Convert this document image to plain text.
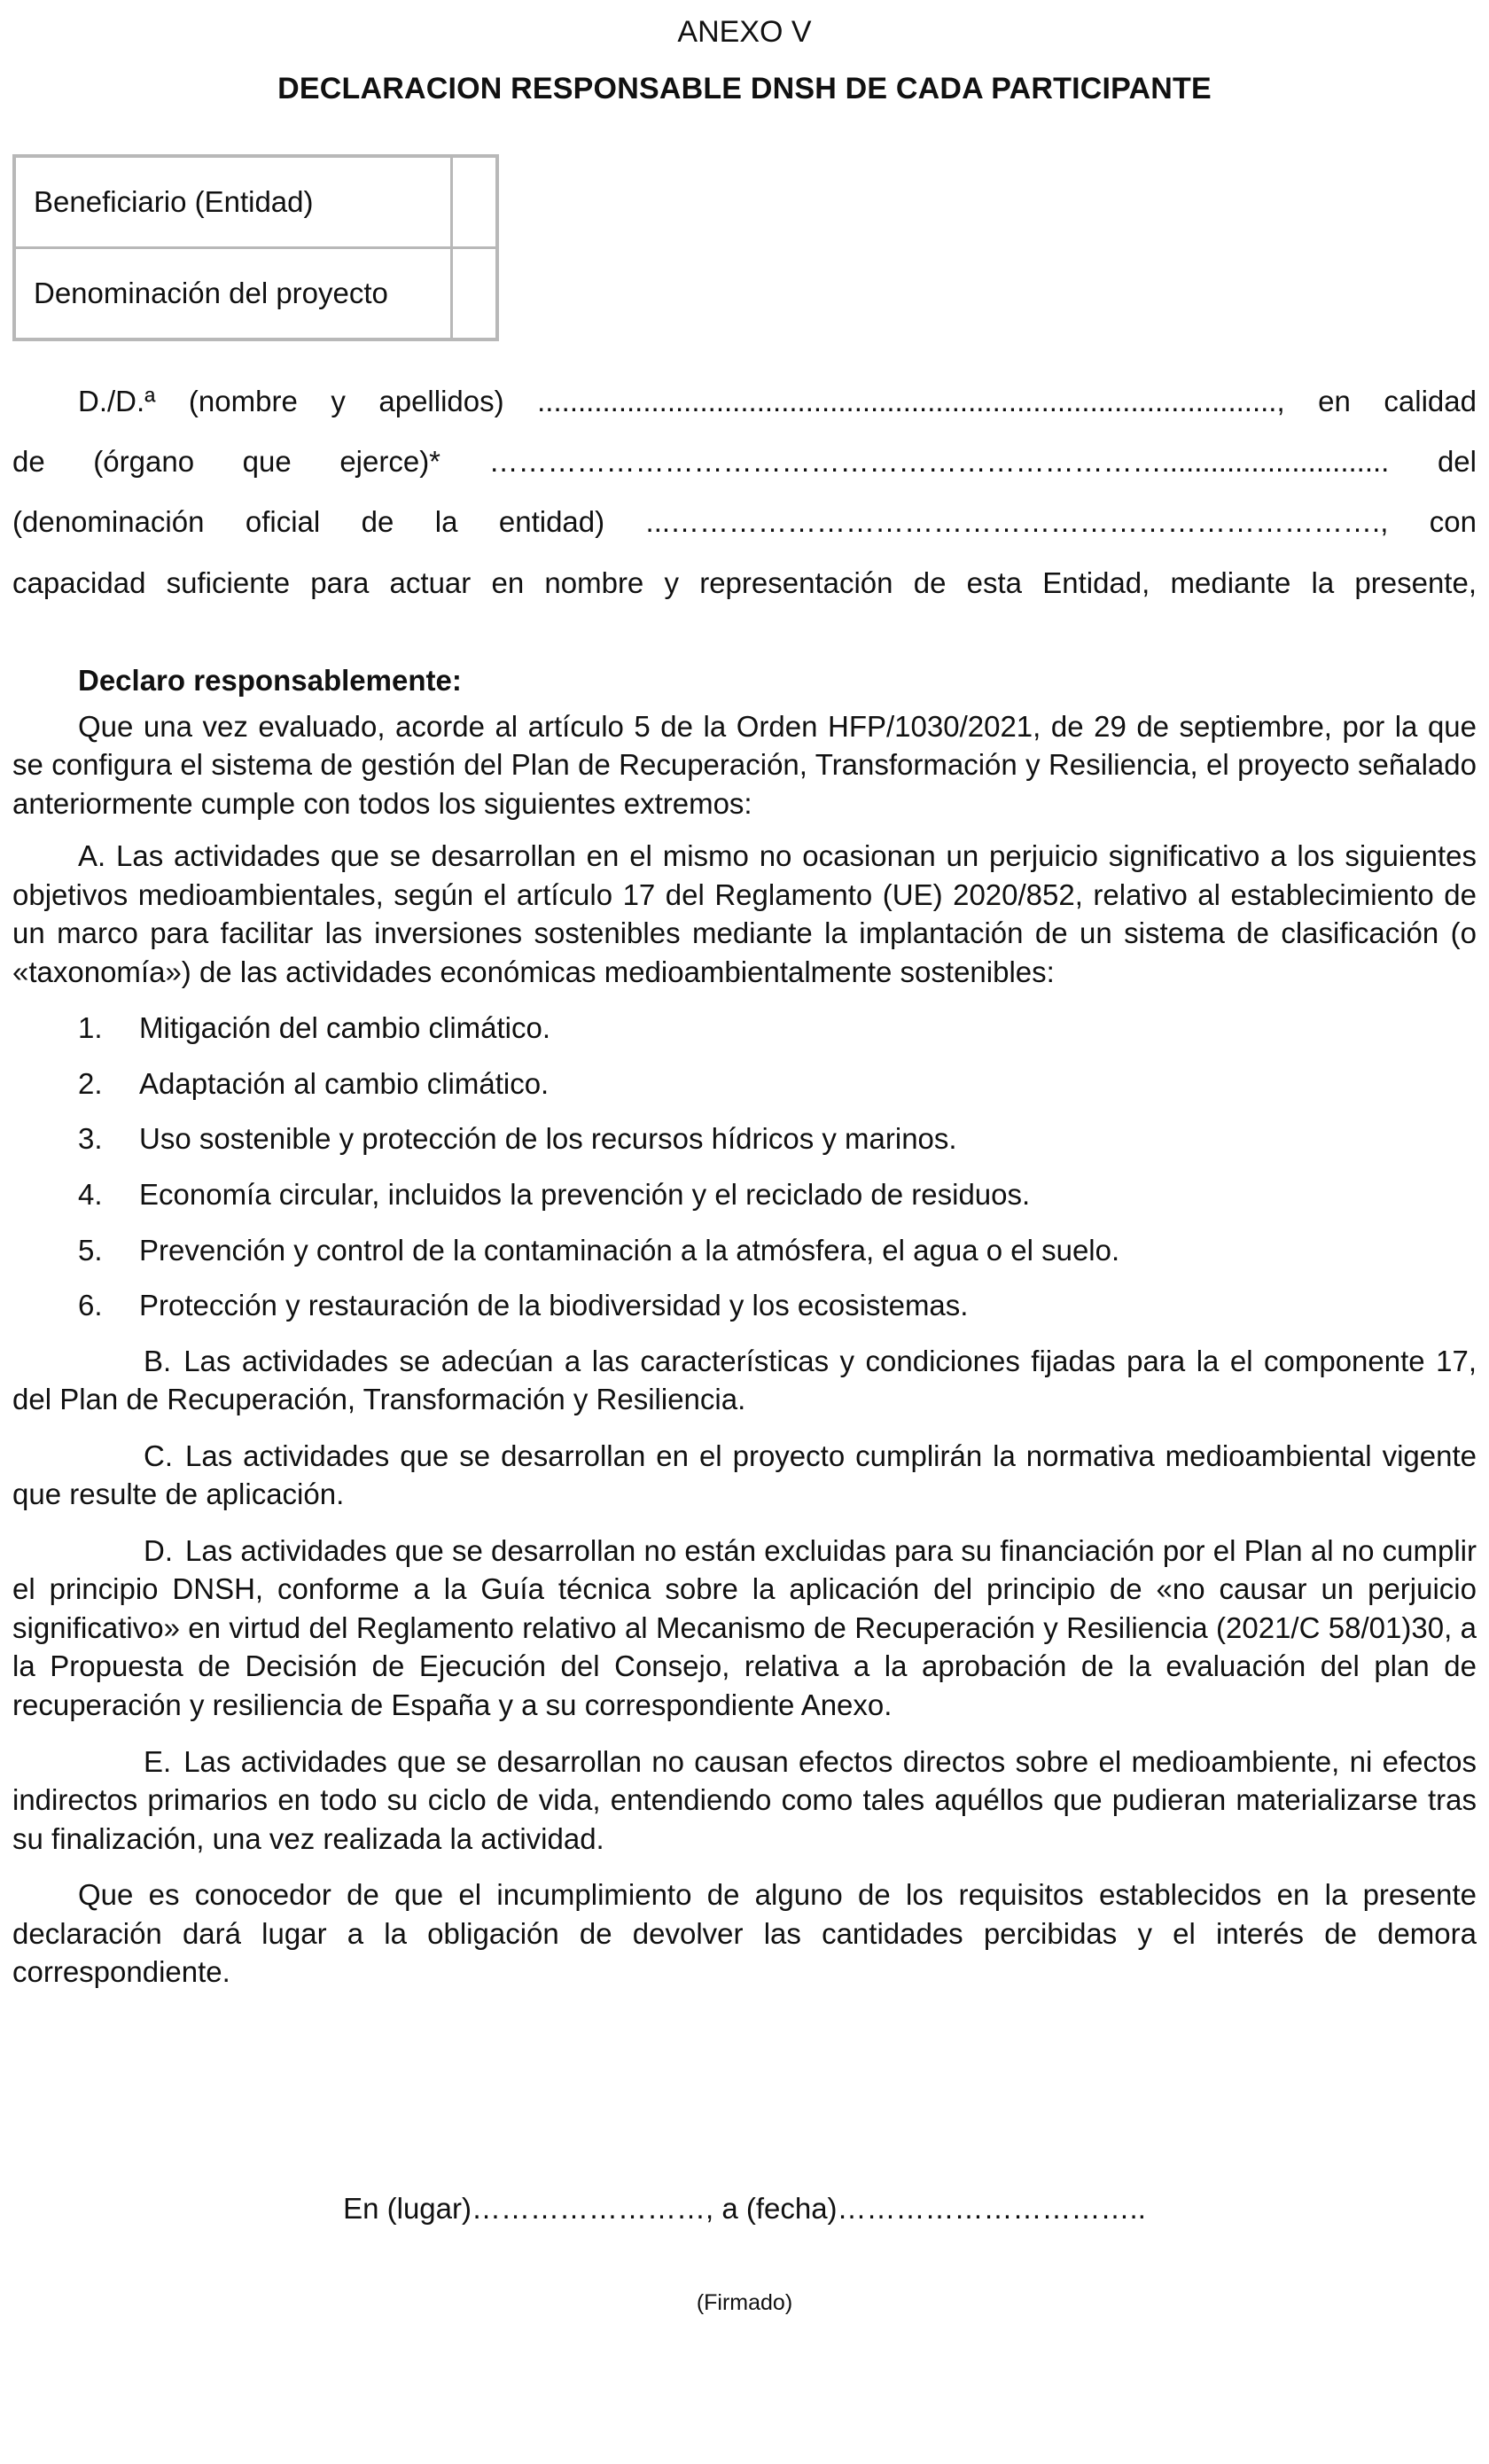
ANEXO V
DECLARACION RESPONSABLE DNSH DE CADA PARTICIPANTE
Beneficiario (Entidad)	
Denominación del proyecto	

D./D.ª (nombre y apellidos) ..........................................................................................., en calidad

de (órgano que ejerce)* ……………………………………………………………............................ del

(denominación oficial de la entidad) ...………………………………………………………………., con

capacidad suficiente para actuar en nombre y representación de esta Entidad, mediante la presente,

Declaro responsablemente:

Que una vez evaluado, acorde al artículo 5 de la Orden HFP/1030/2021, de 29 de septiembre, por la que se configura el sistema de gestión del Plan de Recuperación, Transformación y Resiliencia, el proyecto señalado anteriormente cumple con todos los siguientes extremos:

A. Las actividades que se desarrollan en el mismo no ocasionan un perjuicio significativo a los siguientes objetivos medioambientales, según el artículo 17 del Reglamento (UE) 2020/852, relativo al establecimiento de un marco para facilitar las inversiones sostenibles mediante la implantación de un sistema de clasificación (o «taxonomía») de las actividades económicas medioambientalmente sostenibles:

1.	Mitigación del cambio climático.
2.	Adaptación al cambio climático.
3.	Uso sostenible y protección de los recursos hídricos y marinos.
4.	Economía circular, incluidos la prevención y el reciclado de residuos.
5.	Prevención y control de la contaminación a la atmósfera, el agua o el suelo.
6.	Protección y restauración de la biodiversidad y los ecosistemas.

B. Las actividades se adecúan a las características y condiciones fijadas para la el componente 17, del Plan de Recuperación, Transformación y Resiliencia.

C. Las actividades que se desarrollan en el proyecto cumplirán la normativa medioambiental vigente que resulte de aplicación.

D. Las actividades que se desarrollan no están excluidas para su financiación por el Plan al no cumplir el principio DNSH, conforme a la Guía técnica sobre la aplicación del principio de «no causar un perjuicio significativo» en virtud del Reglamento relativo al Mecanismo de Recuperación y Resiliencia (2021/C 58/01)30, a la Propuesta de Decisión de Ejecución del Consejo, relativa a la aprobación de la evaluación del plan de recuperación y resiliencia de España y a su correspondiente Anexo.

E. Las actividades que se desarrollan no causan efectos directos sobre el medioambiente, ni efectos indirectos primarios en todo su ciclo de vida, entendiendo como tales aquéllos que pudieran materializarse tras su finalización, una vez realizada la actividad.

Que es conocedor de que el incumplimiento de alguno de los requisitos establecidos en la presente declaración dará lugar a la obligación de devolver las cantidades percibidas y el interés de demora correspondiente.

En (lugar)……………………, a (fecha)…………………………..
(Firmado)
